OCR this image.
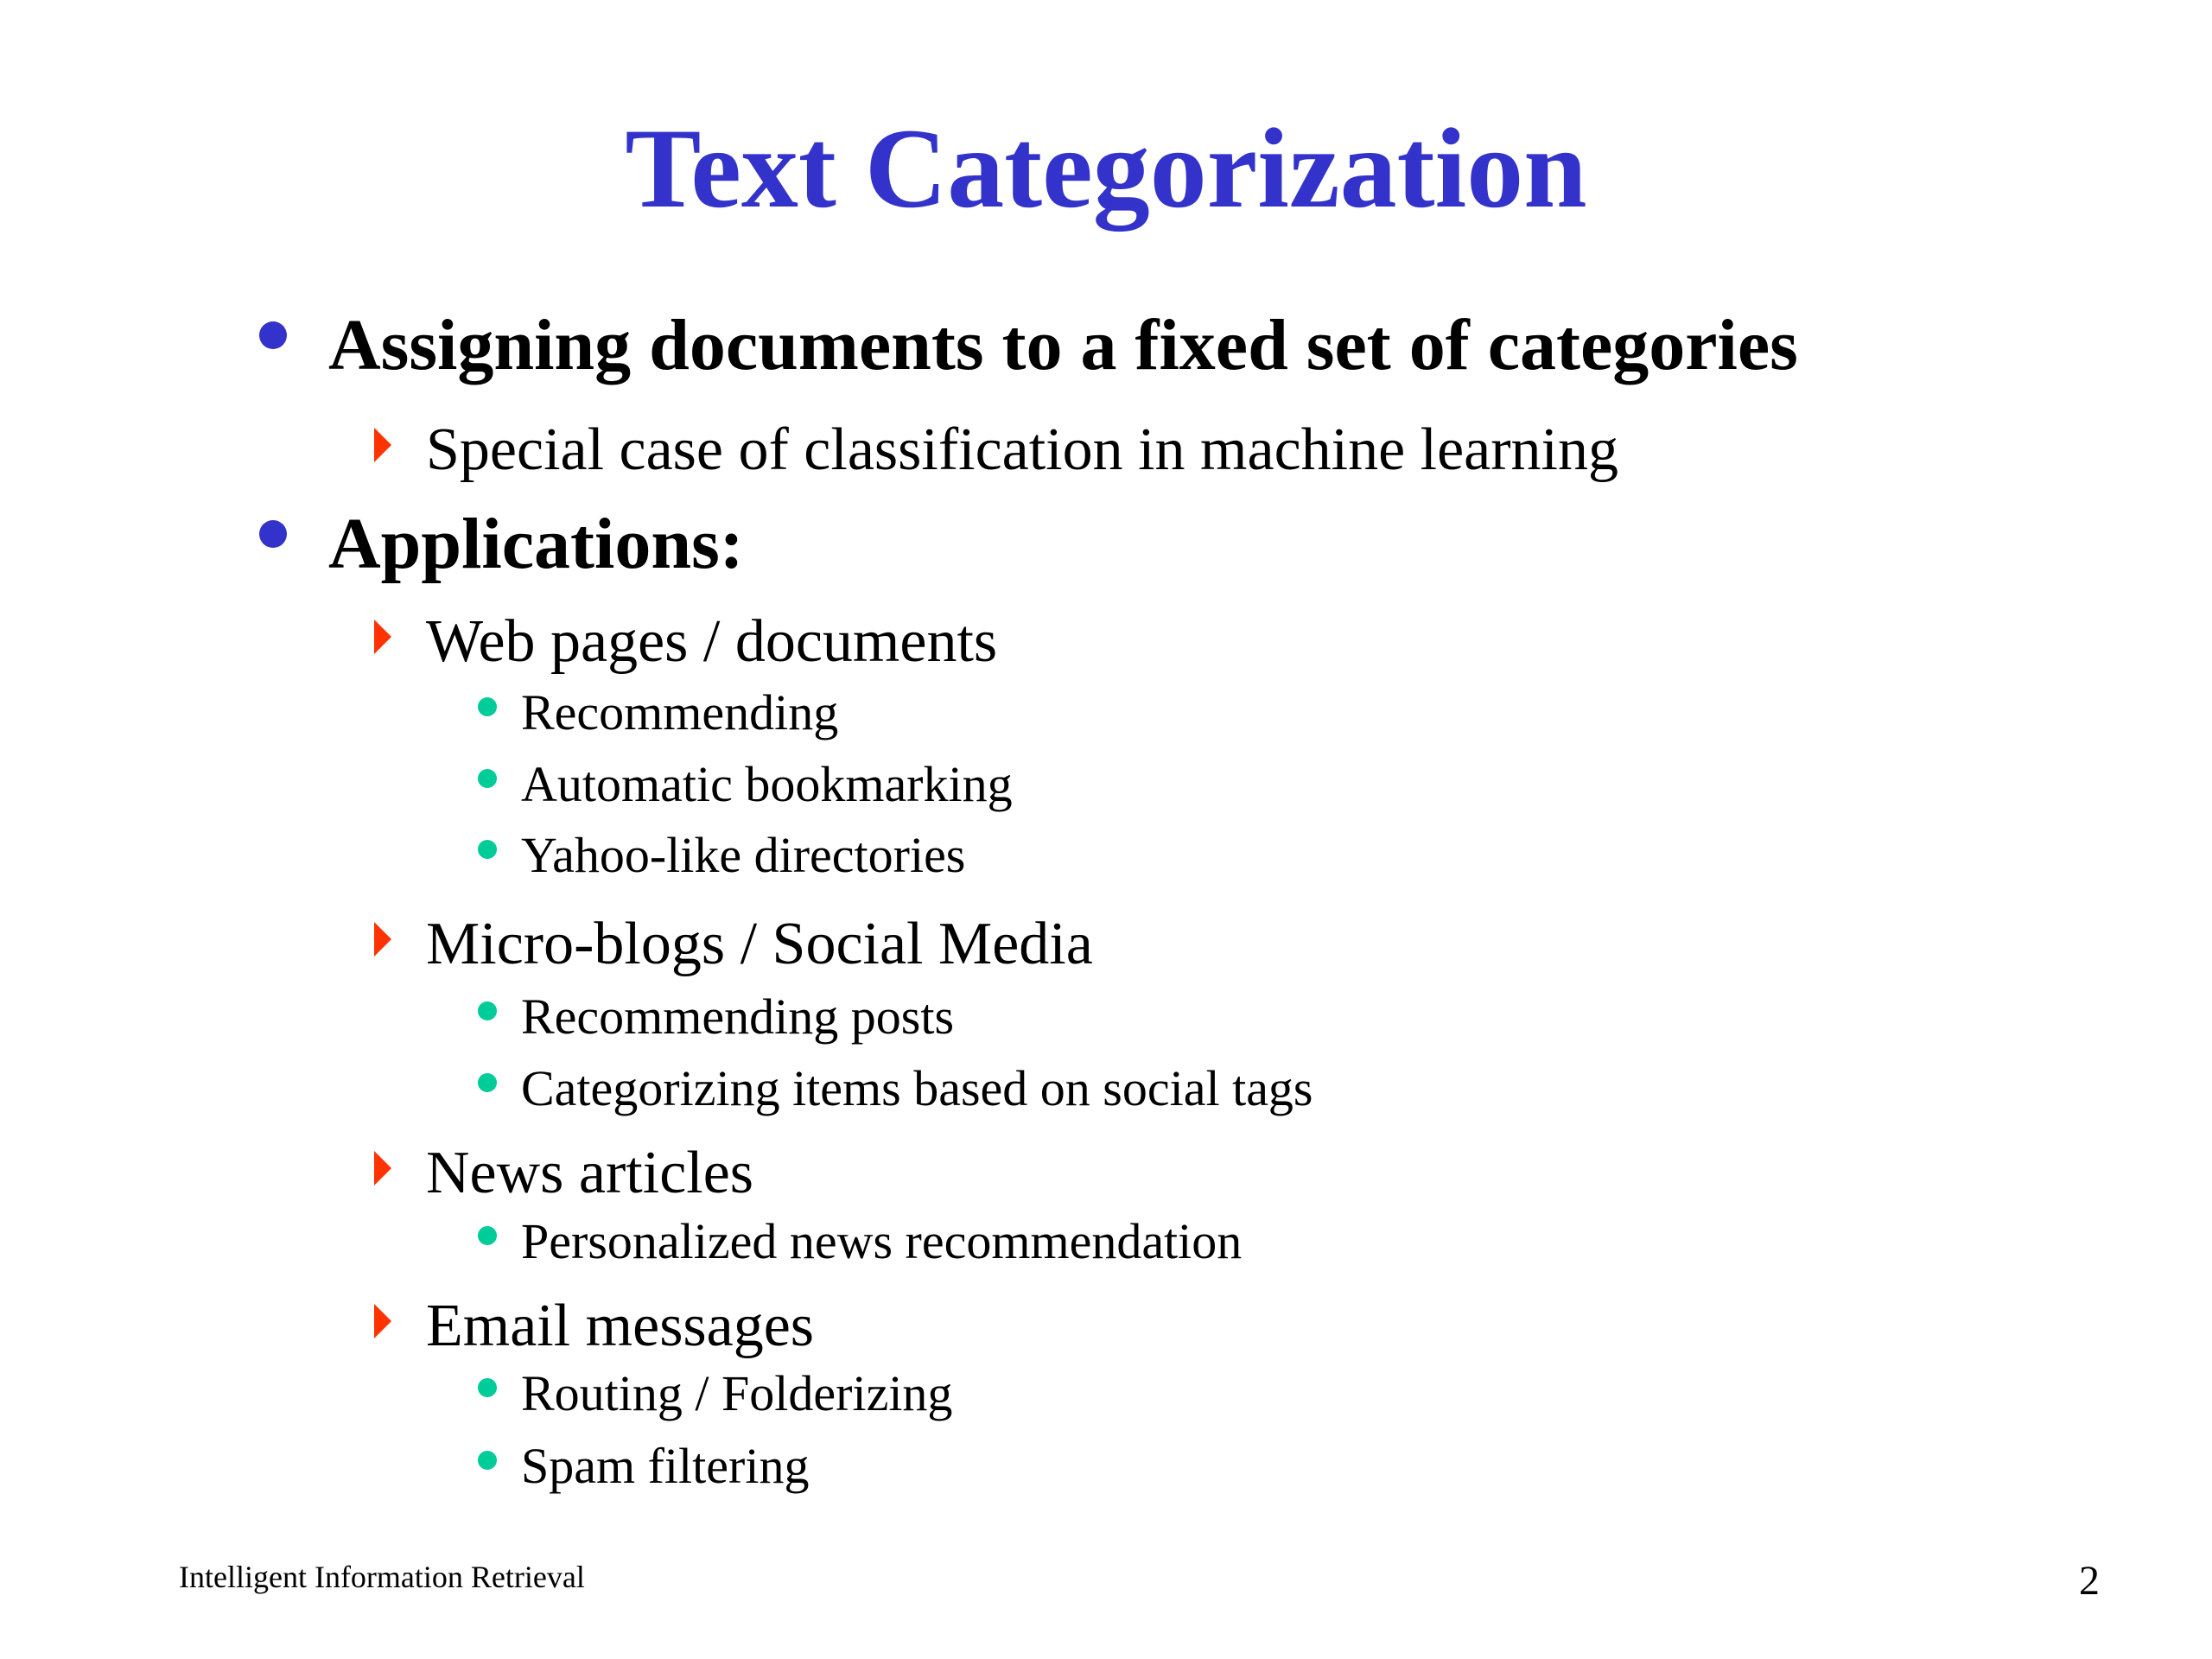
Text Categorization
Assigning documents to a fixed set of categories
Special case of classification in machine learning
Applications:
Web pages / documents
Recommending
Automatic bookmarking
Yahoo-like directories
Micro-blogs / Social Media
Recommending posts
Categorizing items based on social tags
News articles
Personalized news recommendation
Email messages
Routing / Folderizing
Spam filtering
Intelligent Information Retrieval	2
